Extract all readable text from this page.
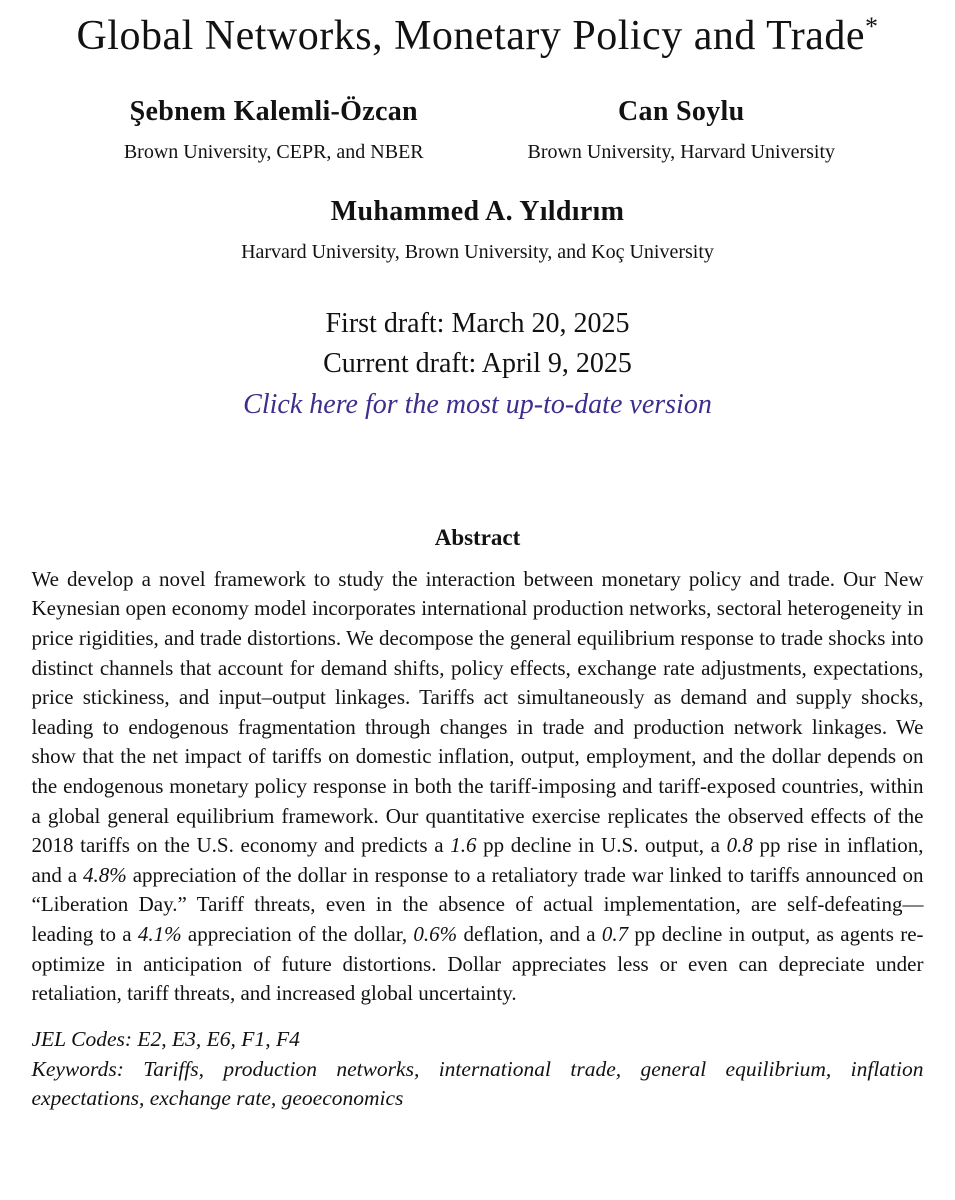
Global Networks, Monetary Policy and Trade*
Şebnem Kalemli-Özcan
Brown University, CEPR, and NBER
Can Soylu
Brown University, Harvard University
Muhammed A. Yıldırım
Harvard University, Brown University, and Koç University
First draft: March 20, 2025
Current draft: April 9, 2025
Click here for the most up-to-date version
Abstract

We develop a novel framework to study the interaction between monetary policy and trade. Our New Keynesian open economy model incorporates international production networks, sectoral heterogeneity in price rigidities, and trade distortions. We decompose the general equilibrium response to trade shocks into distinct channels that account for demand shifts, policy effects, exchange rate adjustments, expectations, price stickiness, and input–output linkages. Tariffs act simultaneously as demand and supply shocks, leading to endogenous fragmentation through changes in trade and production network linkages. We show that the net impact of tariffs on domestic inflation, output, employment, and the dollar depends on the endogenous monetary policy response in both the tariff-imposing and tariff-exposed countries, within a global general equilibrium framework. Our quantitative exercise replicates the observed effects of the 2018 tariffs on the U.S. economy and predicts a 1.6 pp decline in U.S. output, a 0.8 pp rise in inflation, and a 4.8% appreciation of the dollar in response to a retaliatory trade war linked to tariffs announced on “Liberation Day.” Tariff threats, even in the absence of actual implementation, are self-defeating—leading to a 4.1% appreciation of the dollar, 0.6% deflation, and a 0.7 pp decline in output, as agents re-optimize in anticipation of future distortions. Dollar appreciates less or even can depreciate under retaliation, tariff threats, and increased global uncertainty.

JEL Codes: E2, E3, E6, F1, F4

Keywords: Tariffs, production networks, international trade, general equilibrium, inflation expectations, exchange rate, geoeconomics
